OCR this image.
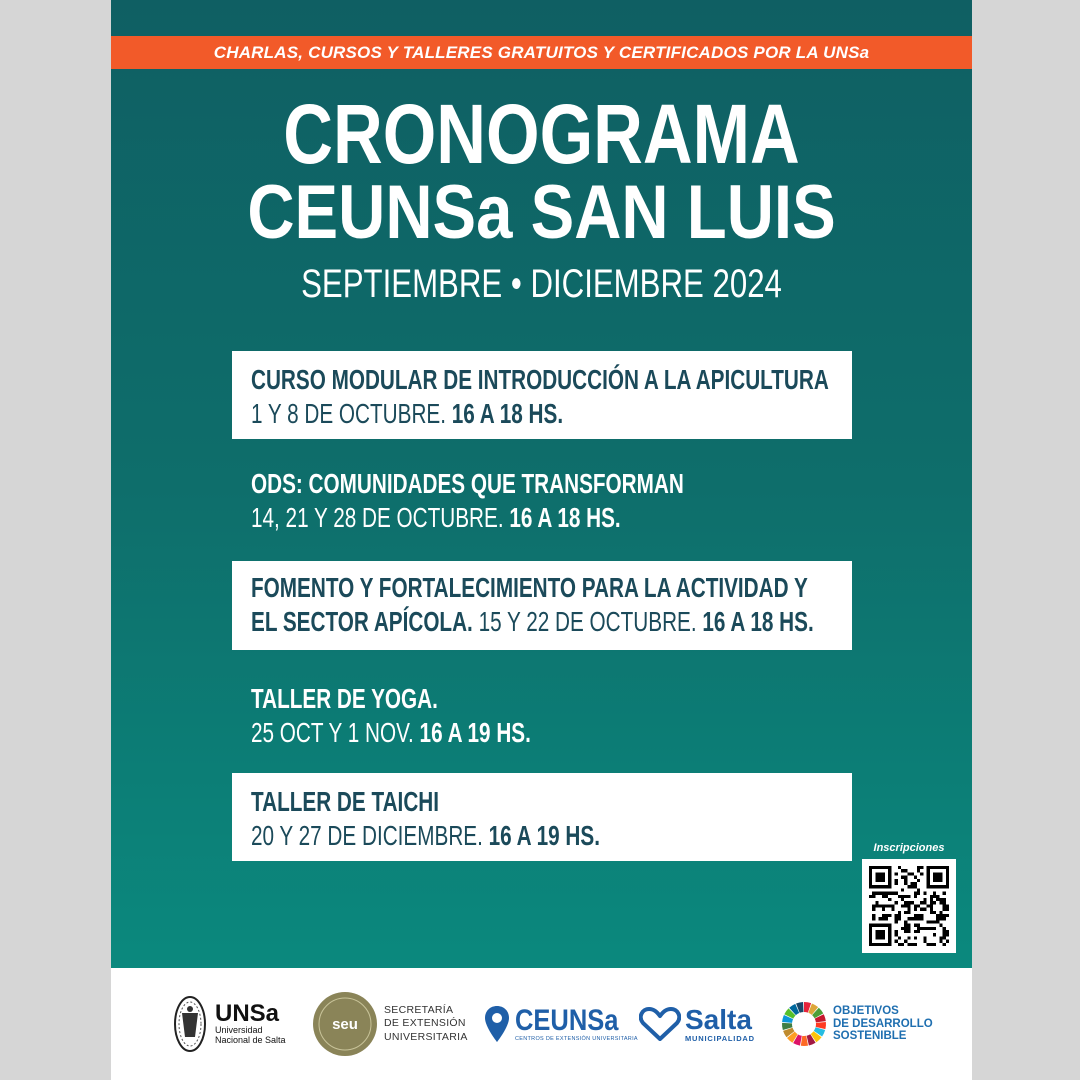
CHARLAS, CURSOS Y TALLERES GRATUITOS Y CERTIFICADOS POR LA UNSa
CRONOGRAMA
CEUNSa SAN LUIS
SEPTIEMBRE • DICIEMBRE 2024
CURSO MODULAR DE INTRODUCCIÓN A LA APICULTURA
1 Y 8 DE OCTUBRE. 16 A 18 HS.
ODS: COMUNIDADES QUE TRANSFORMAN
14, 21 Y 28 DE OCTUBRE. 16 A 18 HS.
FOMENTO Y FORTALECIMIENTO PARA LA ACTIVIDAD Y
EL SECTOR APÍCOLA. 15 Y 22 DE OCTUBRE. 16 A 18 HS.
TALLER DE YOGA.
25 OCT Y 1 NOV. 16 A 19 HS.
TALLER DE TAICHI
20 Y 27 DE DICIEMBRE. 16 A 19 HS.	Inscripciones
UNSa
Universidad
Nacional de Salta
seu
SECRETARÍA
DE EXTENSIÓN
UNIVERSITARIA CEUNSa
CENTROS DE EXTENSIÓN UNIVERSITARIA
Salta
MUNICIPALIDAD
OBJETIVOS
DE DESARROLLO
SOSTENIBLE
